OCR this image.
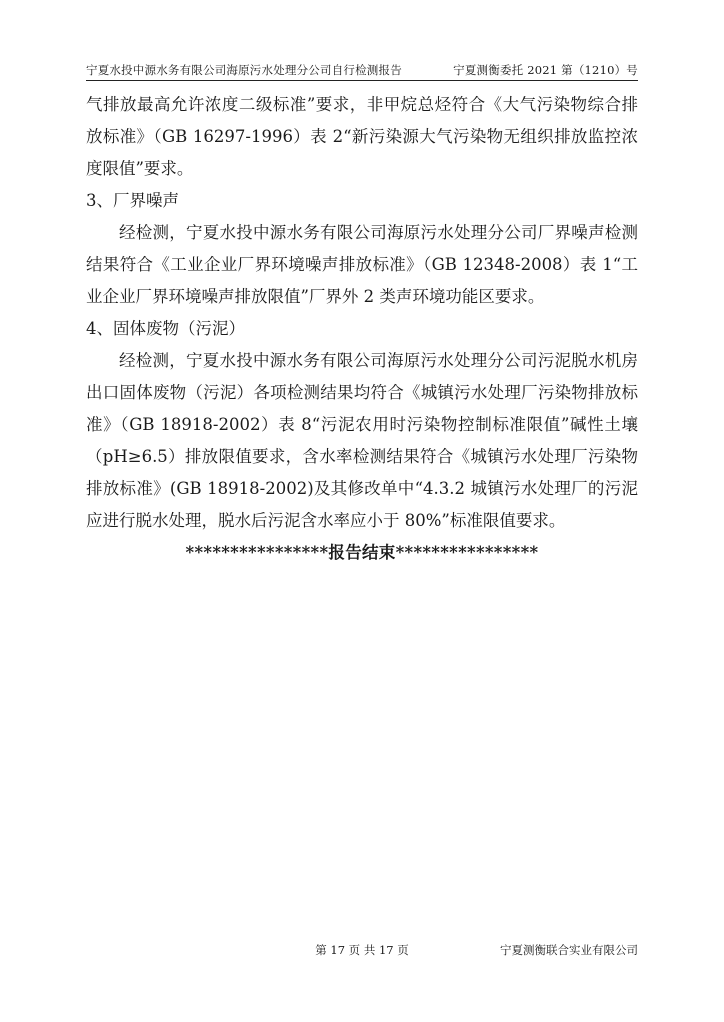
宁夏水投中源水务有限公司海原污水处理分公司自行检测报告	宁夏测衡委托 2021 第（1210）号

气排放最高允许浓度二级标准”要求，非甲烷总烃符合《大气污染物综合排放标准》（GB 16297-1996）表 2“新污染源大气污染物无组织排放监控浓度限值”要求。

3、厂界噪声

经检测，宁夏水投中源水务有限公司海原污水处理分公司厂界噪声检测结果符合《工业企业厂界环境噪声排放标准》（GB 12348-2008）表 1“工业企业厂界环境噪声排放限值”厂界外 2 类声环境功能区要求。

4、固体废物（污泥）

经检测，宁夏水投中源水务有限公司海原污水处理分公司污泥脱水机房出口固体废物（污泥）各项检测结果均符合《城镇污水处理厂污染物排放标准》（GB 18918-2002）表 8“污泥农用时污染物控制标准限值”碱性土壤（pH≥6.5）排放限值要求，含水率检测结果符合《城镇污水处理厂污染物排放标准》(GB 18918-2002)及其修改单中“4.3.2 城镇污水处理厂的污泥应进行脱水处理，脱水后污泥含水率应小于 80%”标准限值要求。

****************报告结束****************

第 17 页 共 17 页	宁夏测衡联合实业有限公司
